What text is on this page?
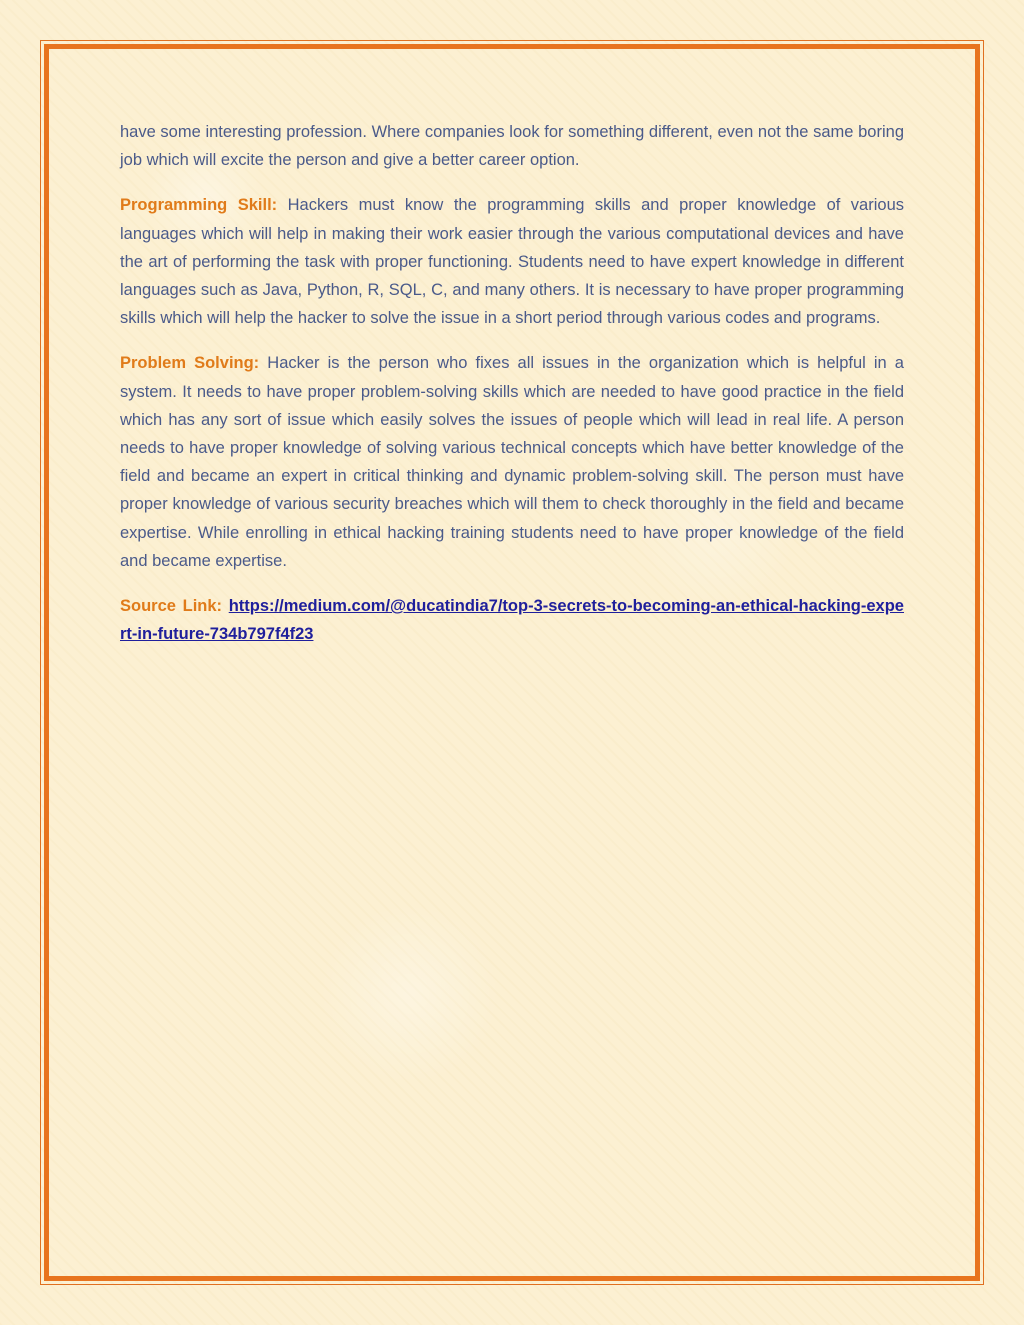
have some interesting profession. Where companies look for something different, even not the same boring job which will excite the person and give a better career option.

Programming Skill: Hackers must know the programming skills and proper knowledge of various languages which will help in making their work easier through the various computational devices and have the art of performing the task with proper functioning. Students need to have expert knowledge in different languages such as Java, Python, R, SQL, C, and many others. It is necessary to have proper programming skills which will help the hacker to solve the issue in a short period through various codes and programs.

Problem Solving: Hacker is the person who fixes all issues in the organization which is helpful in a system. It needs to have proper problem-solving skills which are needed to have good practice in the field which has any sort of issue which easily solves the issues of people which will lead in real life. A person needs to have proper knowledge of solving various technical concepts which have better knowledge of the field and became an expert in critical thinking and dynamic problem-solving skill. The person must have proper knowledge of various security breaches which will them to check thoroughly in the field and became expertise. While enrolling in ethical hacking training students need to have proper knowledge of the field and became expertise.

Source Link: https://medium.com/@ducatindia7/top-3-secrets-to-becoming-an-ethical-hacking-expert-in-future-734b797f4f23
